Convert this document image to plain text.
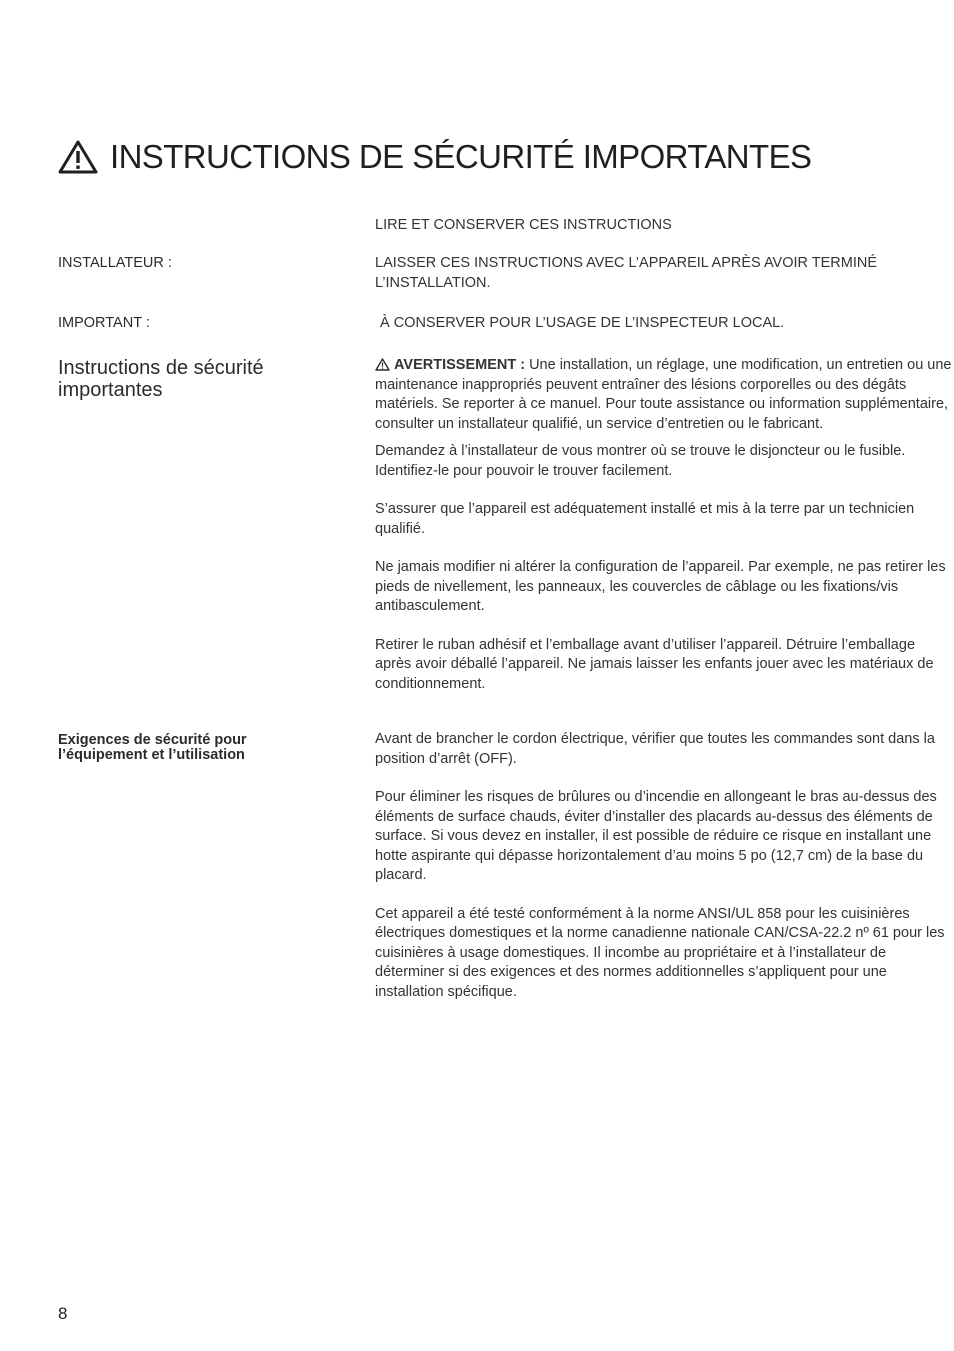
INSTRUCTIONS DE SÉCURITÉ IMPORTANTES
LIRE ET CONSERVER CES INSTRUCTIONS
INSTALLATEUR :	LAISSER CES INSTRUCTIONS AVEC L’APPAREIL APRÈS AVOIR TERMINÉ L’INSTALLATION.
IMPORTANT :	À CONSERVER POUR L’USAGE DE L’INSPECTEUR LOCAL.
Instructions de sécurité importantes

AVERTISSEMENT : Une installation, un réglage, une modification, un entretien ou une maintenance inappropriés peuvent entraîner des lésions corporelles ou des dégâts matériels. Se reporter à ce manuel. Pour toute assistance ou information supplémentaire, consulter un installateur qualifié, un service d’entretien ou le fabricant.

Demandez à l’installateur de vous montrer où se trouve le disjoncteur ou le fusible. Identifiez-le pour pouvoir le trouver facilement.

S’assurer que l’appareil est adéquatement installé et mis à la terre par un technicien qualifié.

Ne jamais modifier ni altérer la configuration de l’appareil. Par exemple, ne pas retirer les pieds de nivellement, les panneaux, les couvercles de câblage ou les fixations/vis antibasculement.

Retirer le ruban adhésif et l’emballage avant d’utiliser l’appareil. Détruire l’emballage après avoir déballé l’appareil. Ne jamais laisser les enfants jouer avec les matériaux de conditionnement.

Exigences de sécurité pour l’équipement et l’utilisation

Avant de brancher le cordon électrique, vérifier que toutes les commandes sont dans la position d’arrêt (OFF).

Pour éliminer les risques de brûlures ou d’incendie en allongeant le bras au-dessus des éléments de surface chauds, éviter d’installer des placards au-dessus des éléments de surface. Si vous devez en installer, il est possible de réduire ce risque en installant une hotte aspirante qui dépasse horizontalement d’au moins 5 po (12,7 cm) de la base du placard.

Cet appareil a été testé conformément à la norme ANSI/UL 858 pour les cuisinières électriques domestiques et la norme canadienne nationale CAN/CSA-22.2 nº 61 pour les cuisinières à usage domestiques. Il incombe au propriétaire et à l’installateur de déterminer si des exigences et des normes additionnelles s’appliquent pour une installation spécifique.

8
